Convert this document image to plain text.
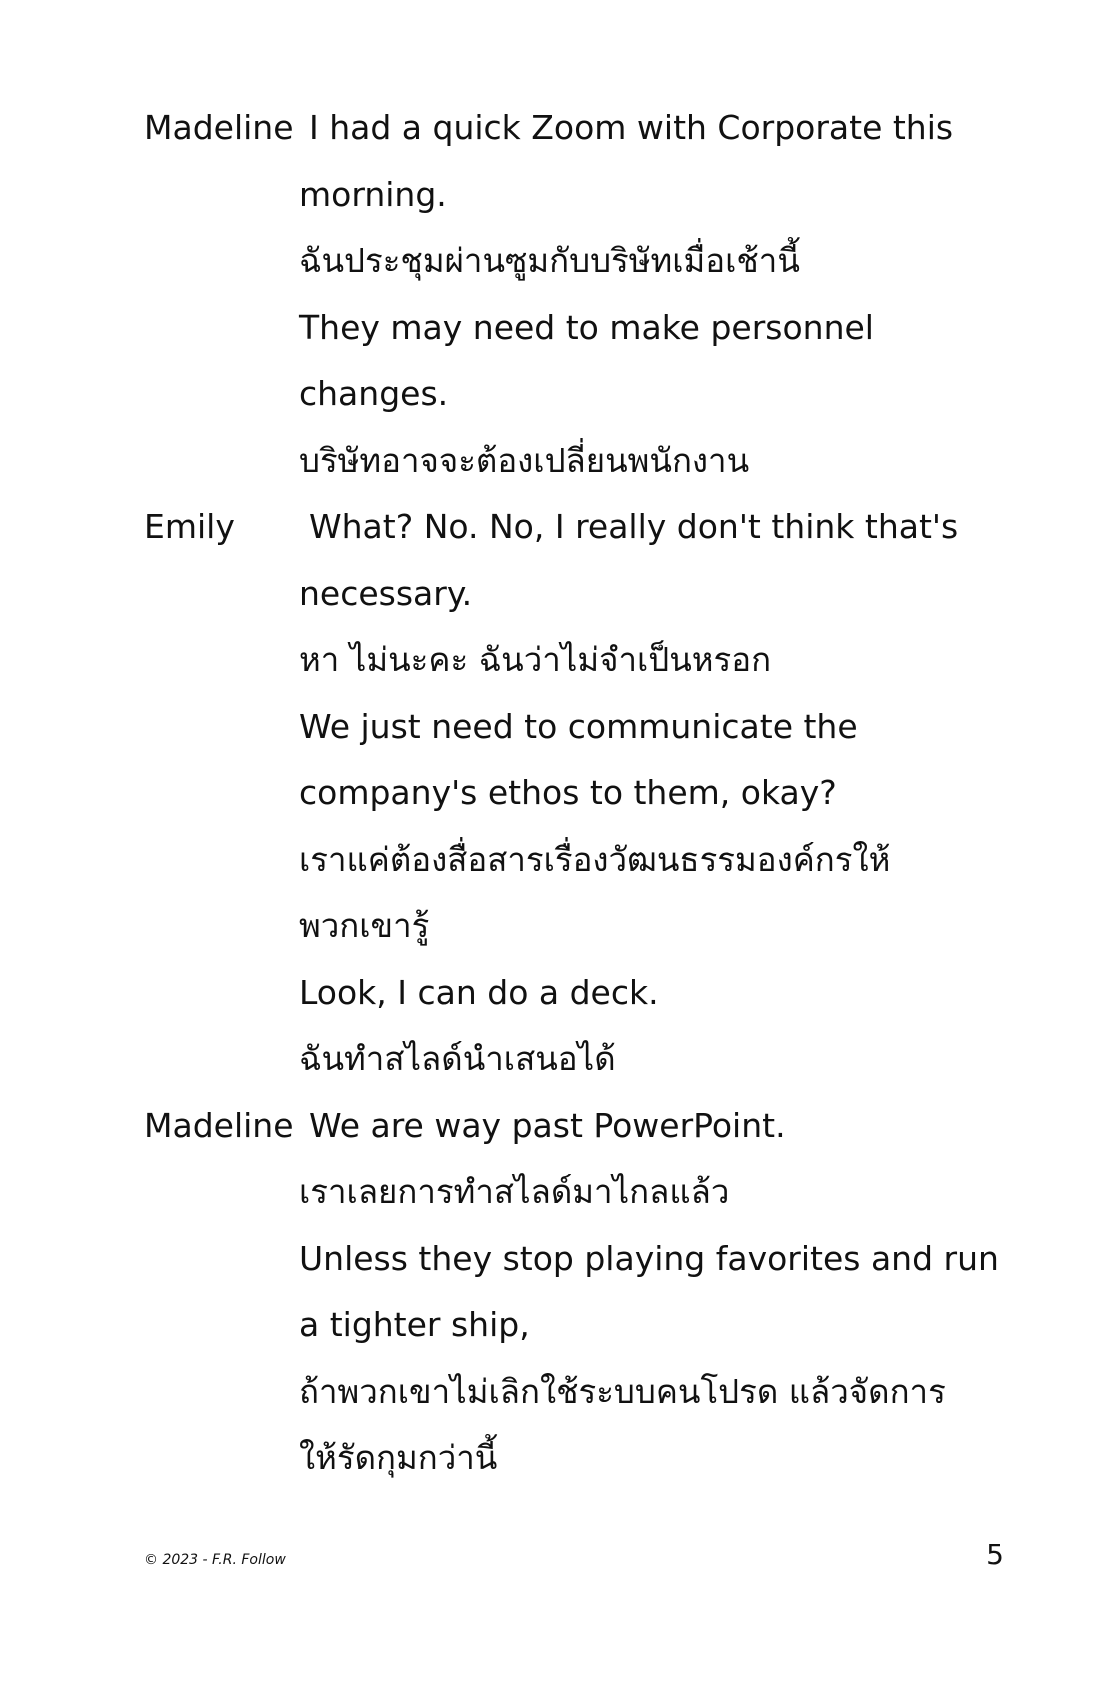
Madeline I had a quick Zoom with Corporate this
morning.
ฉันประชุมผ่านซูมกับบริษัทเมื่อเช้านี้
They may need to make personnel
changes.
บริษัทอาจจะต้องเปลี่ยนพนักงาน
Emily	What? No. No, I really don't think that's
necessary.
หา ไม่นะคะ ฉันว่าไม่จำเป็นหรอก
We just need to communicate the
company's ethos to them, okay?
เราแค่ต้องสื่อสารเรื่องวัฒนธรรมองค์กรให้
พวกเขารู้
Look, I can do a deck.
ฉันทำสไลด์นำเสนอได้
Madeline We are way past PowerPoint.
เราเลยการทำสไลด์มาไกลแล้ว
Unless they stop playing favorites and run
a tighter ship,
ถ้าพวกเขาไม่เลิกใช้ระบบคนโปรด แล้วจัดการ
ให้รัดกุมกว่านี้
© 2023 - F.R. Follow	5
